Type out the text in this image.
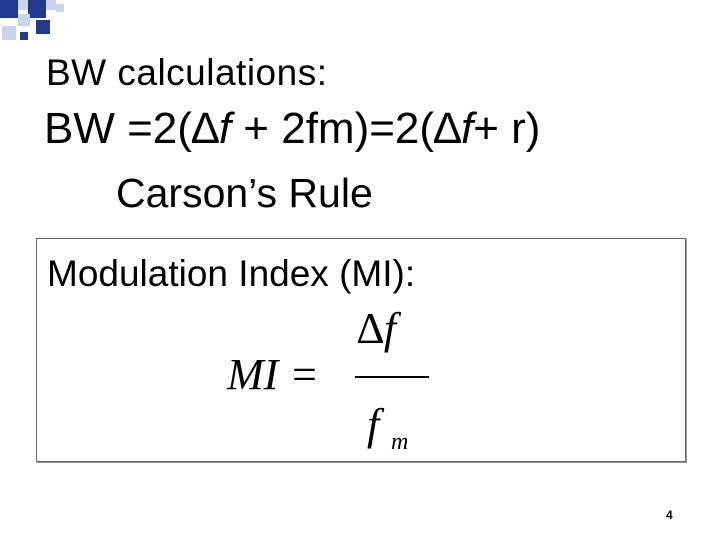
BW calculations:
BW =2(∆f + 2fm)=2(∆f+ r)
Carson’s Rule
Modulation Index (MI):
MI =
∆f
f m
4
